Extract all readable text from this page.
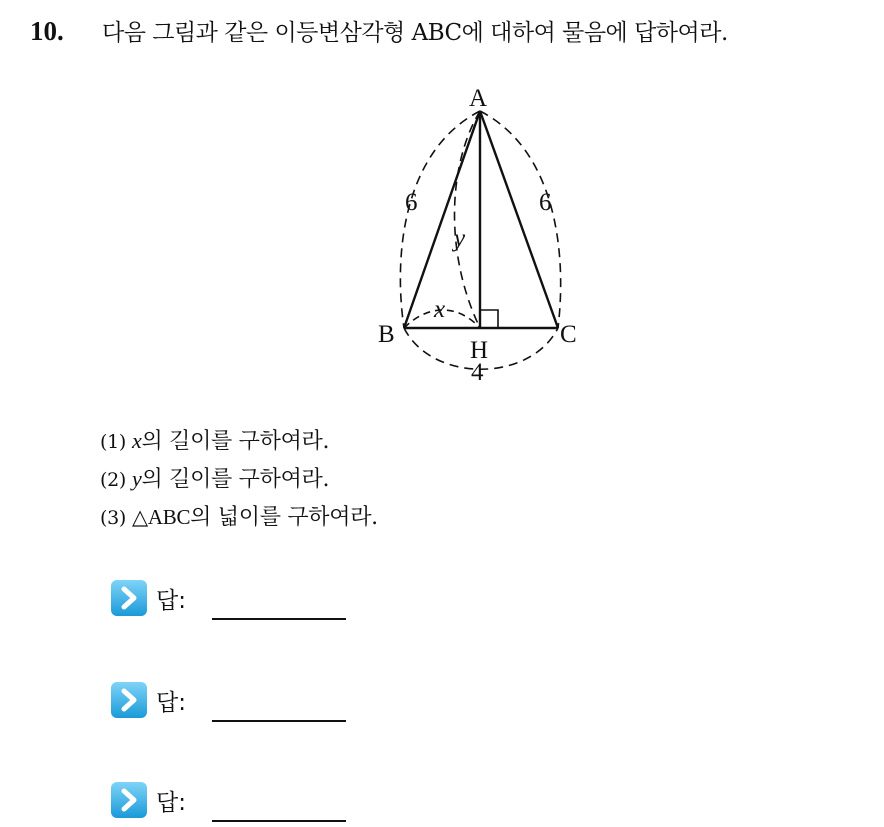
10.	다음 그림과 같은 이등변삼각형 ABC에 대하여 물음에 답하여라.
A
B	C
H
6	6
4
x
y
(1) x의 길이를 구하여라.
(2) y의 길이를 구하여라.
(3) △ABC의 넓이를 구하여라.
답:
답:
답:
